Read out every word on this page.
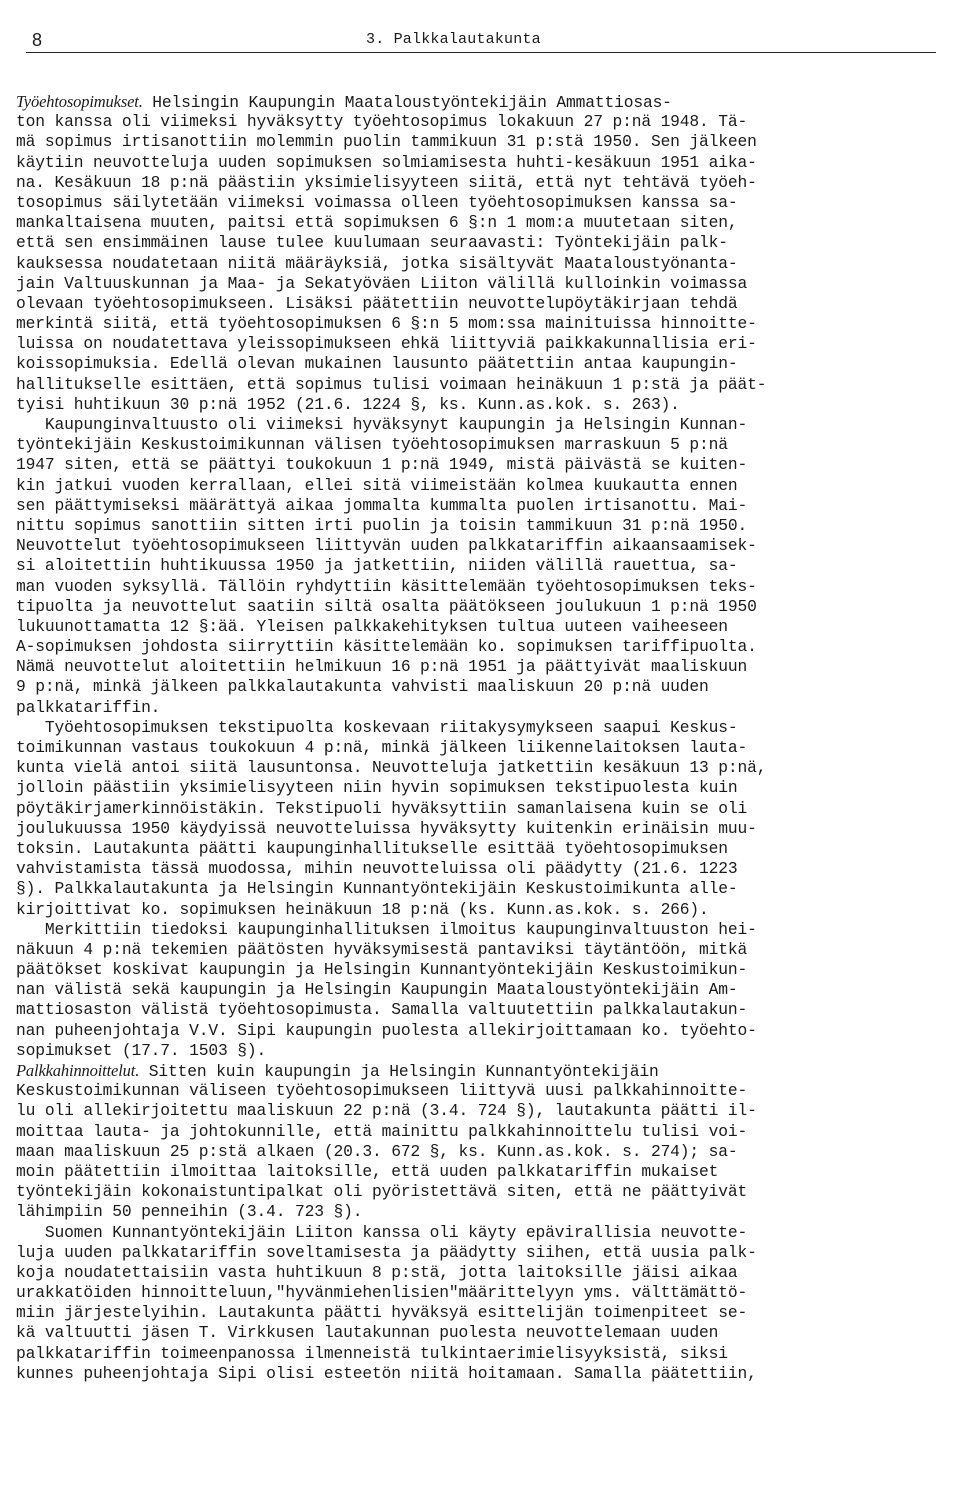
8	3. Palkkalautakunta
Työehtosopimukset. Helsingin Kaupungin Maataloustyöntekijäin Ammattiosas-
ton kanssa oli viimeksi hyväksytty työehtosopimus lokakuun 27 p:nä 1948. Tä-
mä sopimus irtisanottiin molemmin puolin tammikuun 31 p:stä 1950. Sen jälkeen
käytiin neuvotteluja uuden sopimuksen solmiamisesta huhti-kesäkuun 1951 aika-
na. Kesäkuun 18 p:nä päästiin yksimielisyyteen siitä, että nyt tehtävä työeh-
tosopimus säilytetään viimeksi voimassa olleen työehtosopimuksen kanssa sa-
mankaltaisena muuten, paitsi että sopimuksen 6 §:n 1 mom:a muutetaan siten,
että sen ensimmäinen lause tulee kuulumaan seuraavasti: Työntekijäin palk-
kauksessa noudatetaan niitä määräyksiä, jotka sisältyvät Maataloustyönanta-
jain Valtuuskunnan ja Maa- ja Sekatyöväen Liiton välillä kulloinkin voimassa
olevaan työehtosopimukseen. Lisäksi päätettiin neuvottelupöytäkirjaan tehdä
merkintä siitä, että työehtosopimuksen 6 §:n 5 mom:ssa mainituissa hinnoitte-
luissa on noudatettava yleissopimukseen ehkä liittyviä paikkakunnallisia eri-
koissopimuksia. Edellä olevan mukainen lausunto päätettiin antaa kaupungin-
hallitukselle esittäen, että sopimus tulisi voimaan heinäkuun 1 p:stä ja päät-
tyisi huhtikuun 30 p:nä 1952 (21.6. 1224 §, ks. Kunn.as.kok. s. 263).
Kaupunginvaltuusto oli viimeksi hyväksynyt kaupungin ja Helsingin Kunnan-
työntekijäin Keskustoimikunnan välisen työehtosopimuksen marraskuun 5 p:nä
1947 siten, että se päättyi toukokuun 1 p:nä 1949, mistä päivästä se kuiten-
kin jatkui vuoden kerrallaan, ellei sitä viimeistään kolmea kuukautta ennen
sen päättymiseksi määrättyä aikaa jommalta kummalta puolen irtisanottu. Mai-
nittu sopimus sanottiin sitten irti puolin ja toisin tammikuun 31 p:nä 1950.
Neuvottelut työehtosopimukseen liittyvän uuden palkkatariffin aikaansaamisek-
si aloitettiin huhtikuussa 1950 ja jatkettiin, niiden välillä rauettua, sa-
man vuoden syksyllä. Tällöin ryhdyttiin käsittelemään työehtosopimuksen teks-
tipuolta ja neuvottelut saatiin siltä osalta päätökseen joulukuun 1 p:nä 1950
lukuunottamatta 12 §:ää. Yleisen palkkakehityksen tultua uuteen vaiheeseen
A-sopimuksen johdosta siirryttiin käsittelemään ko. sopimuksen tariffipuolta.
Nämä neuvottelut aloitettiin helmikuun 16 p:nä 1951 ja päättyivät maaliskuun
9 p:nä, minkä jälkeen palkkalautakunta vahvisti maaliskuun 20 p:nä uuden
palkkatariffin.
Työehtosopimuksen tekstipuolta koskevaan riitakysymykseen saapui Keskus-
toimikunnan vastaus toukokuun 4 p:nä, minkä jälkeen liikennelaitoksen lauta-
kunta vielä antoi siitä lausuntonsa. Neuvotteluja jatkettiin kesäkuun 13 p:nä,
jolloin päästiin yksimielisyyteen niin hyvin sopimuksen tekstipuolesta kuin
pöytäkirjamerkinnöistäkin. Tekstipuoli hyväksyttiin samanlaisena kuin se oli
joulukuussa 1950 käydyissä neuvotteluissa hyväksytty kuitenkin erinäisin muu-
toksin. Lautakunta päätti kaupunginhallitukselle esittää työehtosopimuksen
vahvistamista tässä muodossa, mihin neuvotteluissa oli päädytty (21.6. 1223
§). Palkkalautakunta ja Helsingin Kunnantyöntekijäin Keskustoimikunta alle-
kirjoittivat ko. sopimuksen heinäkuun 18 p:nä (ks. Kunn.as.kok. s. 266).
Merkittiin tiedoksi kaupunginhallituksen ilmoitus kaupunginvaltuuston hei-
näkuun 4 p:nä tekemien päätösten hyväksymisestä pantaviksi täytäntöön, mitkä
päätökset koskivat kaupungin ja Helsingin Kunnantyöntekijäin Keskustoimikun-
nan välistä sekä kaupungin ja Helsingin Kaupungin Maataloustyöntekijäin Am-
mattiosaston välistä työehtosopimusta. Samalla valtuutettiin palkkalautakun-
nan puheenjohtaja V.V. Sipi kaupungin puolesta allekirjoittamaan ko. työehto-
sopimukset (17.7. 1503 §).
Palkkahinnoittelut. Sitten kuin kaupungin ja Helsingin Kunnantyöntekijäin
Keskustoimikunnan väliseen työehtosopimukseen liittyvä uusi palkkahinnoitte-
lu oli allekirjoitettu maaliskuun 22 p:nä (3.4. 724 §), lautakunta päätti il-
moittaa lauta- ja johtokunnille, että mainittu palkkahinnoittelu tulisi voi-
maan maaliskuun 25 p:stä alkaen (20.3. 672 §, ks. Kunn.as.kok. s. 274); sa-
moin päätettiin ilmoittaa laitoksille, että uuden palkkatariffin mukaiset
työntekijäin kokonaistuntipalkat oli pyöristettävä siten, että ne päättyivät
lähimpiin 50 penneihin (3.4. 723 §).
Suomen Kunnantyöntekijäin Liiton kanssa oli käyty epävirallisia neuvotte-
luja uuden palkkatariffin soveltamisesta ja päädytty siihen, että uusia palk-
koja noudatettaisiin vasta huhtikuun 8 p:stä, jotta laitoksille jäisi aikaa
urakkatöiden hinnoitteluun,"hyvänmiehenlisien"määrittelyyn yms. välttämättö-
miin järjestelyihin. Lautakunta päätti hyväksyä esittelijän toimenpiteet se-
kä valtuutti jäsen T. Virkkusen lautakunnan puolesta neuvottelemaan uuden
palkkatariffin toimeenpanossa ilmenneistä tulkintaerimielisyyksistä, siksi
kunnes puheenjohtaja Sipi olisi esteetön niitä hoitamaan. Samalla päätettiin,
